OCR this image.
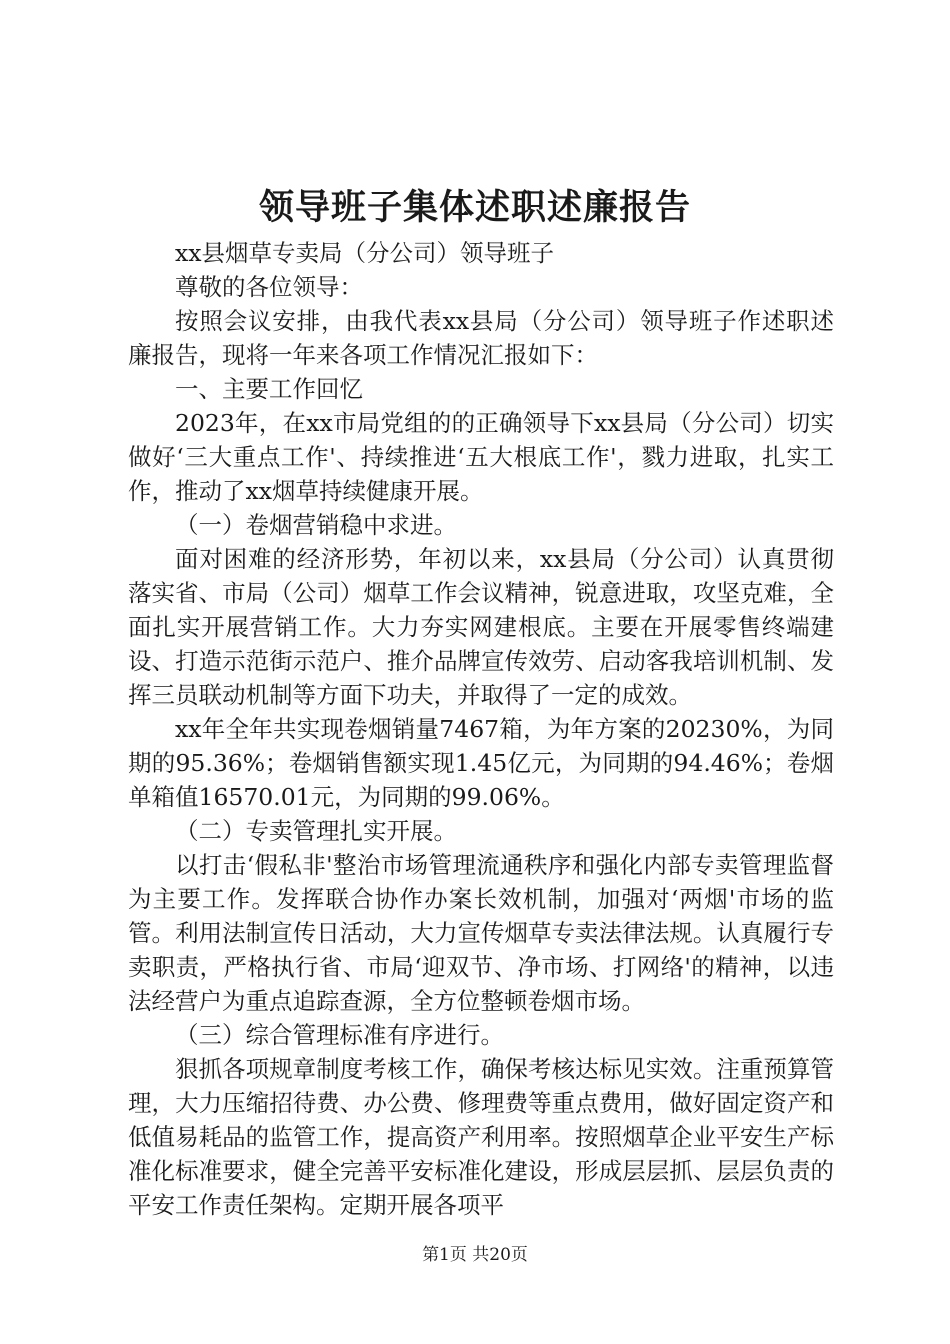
领导班子集体述职述廉报告

xx县烟草专卖局（分公司）领导班子

尊敬的各位领导：

按照会议安排，由我代表xx县局（分公司）领导班子作述职述廉报告，现将一年来各项工作情况汇报如下：

一、主要工作回忆

2023年，在xx市局党组的的正确领导下xx县局（分公司）切实做好‘三大重点工作'、持续推进‘五大根底工作'，戮力进取，扎实工作，推动了xx烟草持续健康开展。

（一）卷烟营销稳中求进。

面对困难的经济形势，年初以来，xx县局（分公司）认真贯彻落实省、市局（公司）烟草工作会议精神，锐意进取，攻坚克难，全面扎实开展营销工作。大力夯实网建根底。主要在开展零售终端建设、打造示范街示范户、推介品牌宣传效劳、启动客我培训机制、发挥三员联动机制等方面下功夫，并取得了一定的成效。

xx年全年共实现卷烟销量7467箱，为年方案的20230%，为同期的95.36%；卷烟销售额实现1.45亿元，为同期的94.46%；卷烟单箱值16570.01元，为同期的99.06%。

（二）专卖管理扎实开展。

以打击‘假私非'整治市场管理流通秩序和强化内部专卖管理监督为主要工作。发挥联合协作办案长效机制，加强对‘两烟'市场的监管。利用法制宣传日活动，大力宣传烟草专卖法律法规。认真履行专卖职责，严格执行省、市局‘迎双节、净市场、打网络'的精神，以违法经营户为重点追踪查源，全方位整顿卷烟市场。

（三）综合管理标准有序进行。

狠抓各项规章制度考核工作，确保考核达标见实效。注重预算管理，大力压缩招待费、办公费、修理费等重点费用，做好固定资产和低值易耗品的监管工作，提高资产利用率。按照烟草企业平安生产标准化标准要求，健全完善平安标准化建设，形成层层抓、层层负责的平安工作责任架构。定期开展各项平

第1页 共20页
